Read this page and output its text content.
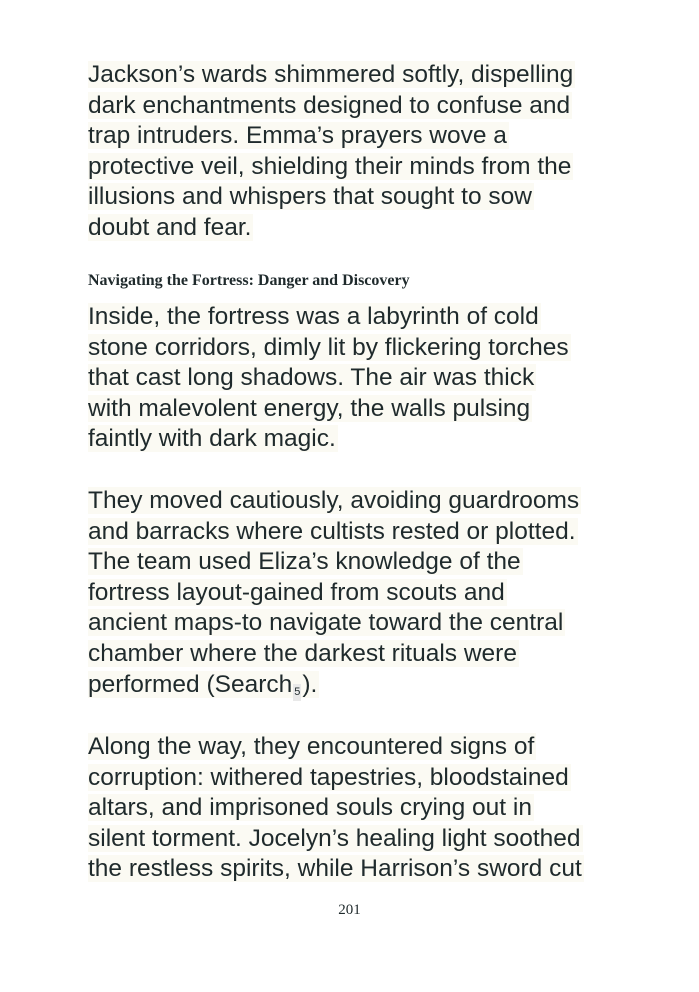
Jackson’s wards shimmered softly, dispelling
dark enchantments designed to confuse and
trap intruders. Emma’s prayers wove a
protective veil, shielding their minds from the
illusions and whispers that sought to sow
doubt and fear.

Navigating the Fortress: Danger and Discovery

Inside, the fortress was a labyrinth of cold
stone corridors, dimly lit by flickering torches
that cast long shadows. The air was thick
with malevolent energy, the walls pulsing
faintly with dark magic.

They moved cautiously, avoiding guardrooms
and barracks where cultists rested or plotted.
The team used Eliza’s knowledge of the
fortress layout-gained from scouts and
ancient maps-to navigate toward the central
chamber where the darkest rituals were
performed (Search 5).

Along the way, they encountered signs of
corruption: withered tapestries, bloodstained
altars, and imprisoned souls crying out in
silent torment. Jocelyn’s healing light soothed
the restless spirits, while Harrison’s sword cut

201
